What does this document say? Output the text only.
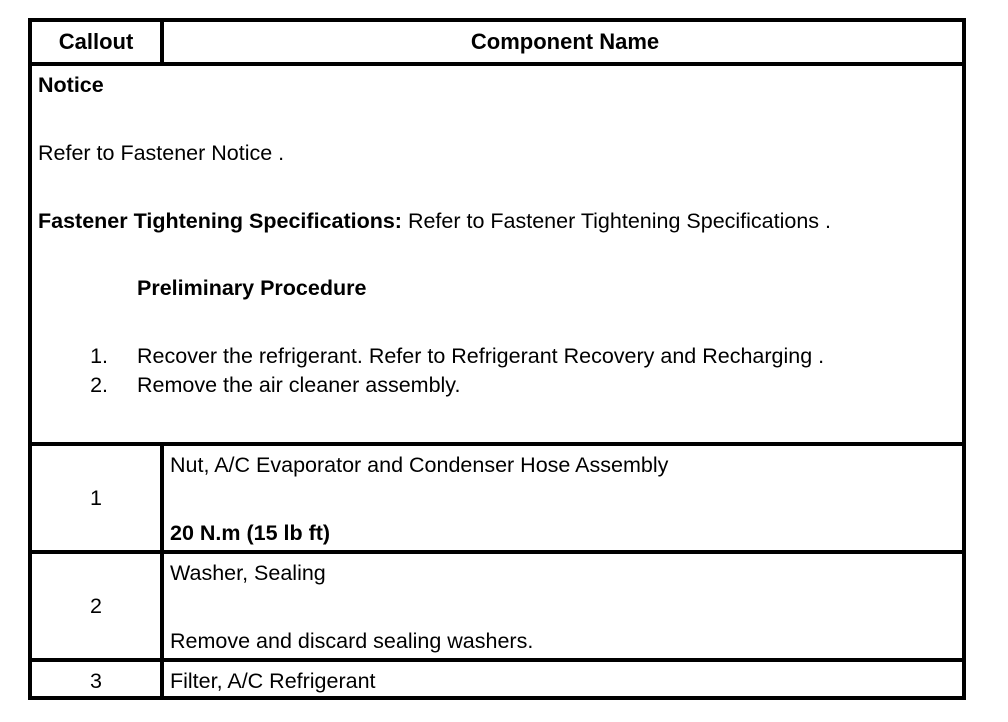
Callout	Component Name
Notice
Refer to Fastener Notice .
Fastener Tightening Specifications: Refer to Fastener Tightening Specifications .
Preliminary Procedure
1. Recover the refrigerant. Refer to Refrigerant Recovery and Recharging .
2. Remove the air cleaner assembly.
1
Nut, A/C Evaporator and Condenser Hose Assembly
20 N.m (15 lb ft)
2
Washer, Sealing
Remove and discard sealing washers.
3	Filter, A/C Refrigerant
